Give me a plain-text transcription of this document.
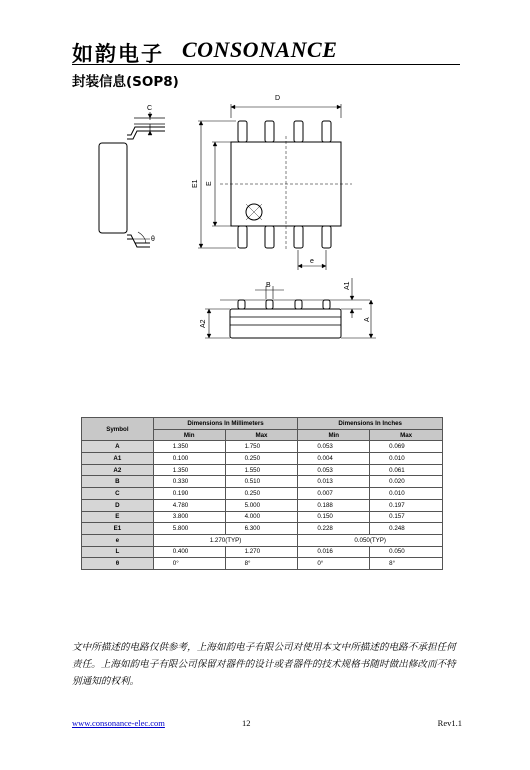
如韵电子 CONSONANCE
封装信息(SOP8)
C
θ
D
E1 E
e
B	A1
A2	A
Symbol	Dimensions In Millimeters		Dimensions In Inches	
	Min	Max	Min	Max
A	1.350	1.750	0.053	0.069
A1	0.100	0.250	0.004	0.010
A2	1.350	1.550	0.053	0.061
B	0.330	0.510	0.013	0.020
C	0.190	0.250	0.007	0.010
D	4.780	5.000	0.188	0.197
E	3.800	4.000	0.150	0.157
E1	5.800	6.300	0.228	0.248
e	1.270(TYP)		0.050(TYP)	
L	0.400	1.270	0.016	0.050
θ	0°	8°	0°	8°
文中所描述的电路仅供参考，上海如韵电子有限公司对使用本文中所描述的电路不承担任何责任。上海如韵电子有限公司保留对器件的设计或者器件的技术规格书随时做出修改而不特别通知的权利。
www.consonance-elec.com	12	Rev1.1
